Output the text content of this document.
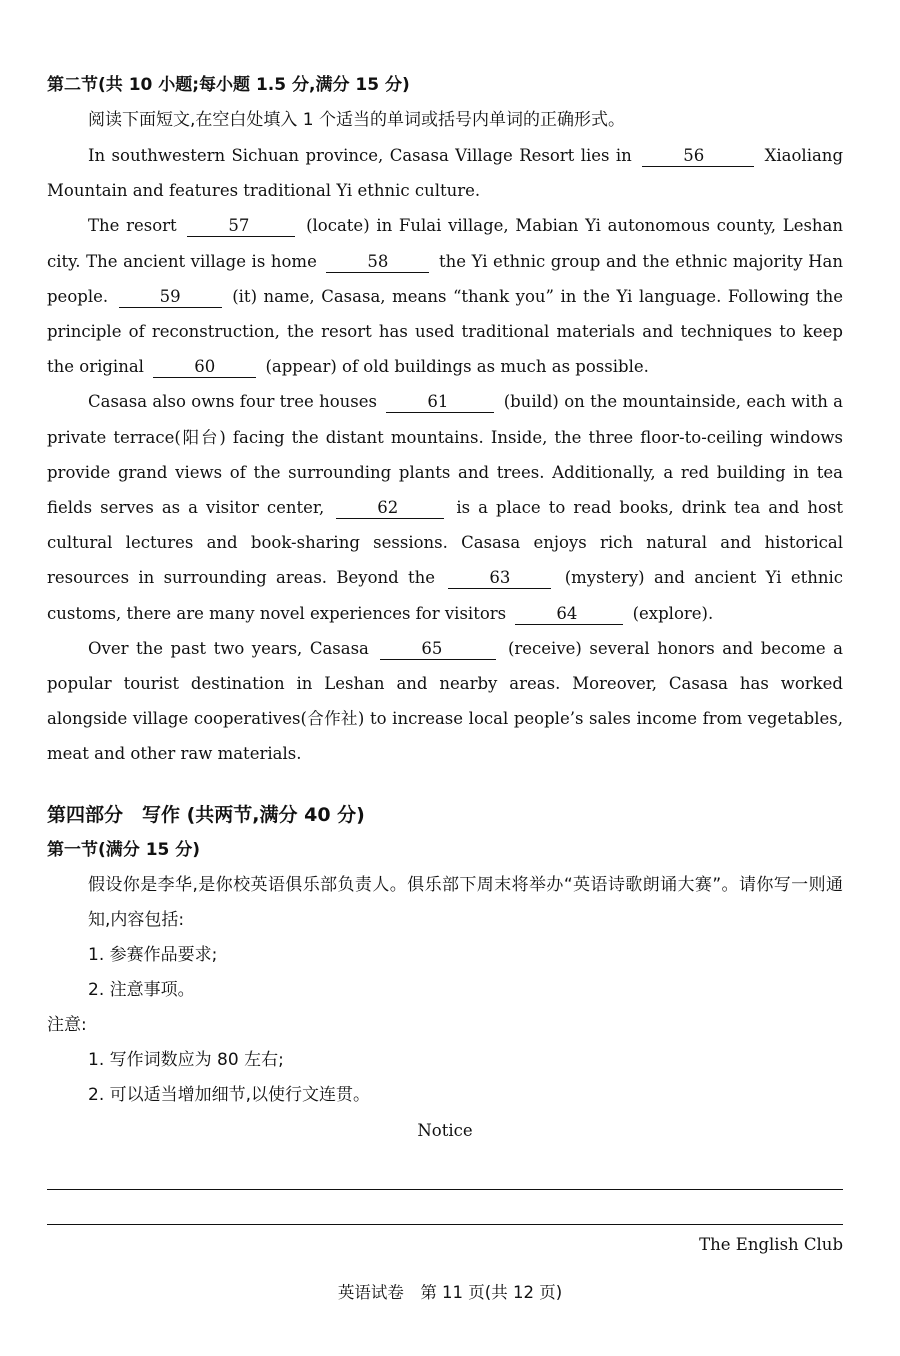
第二节(共 10 小题;每小题 1.5 分,满分 15 分)
阅读下面短文,在空白处填入 1 个适当的单词或括号内单词的正确形式。
In southwestern Sichuan province, Casasa Village Resort lies in	56	Xiaoliang Mountain and features traditional Yi ethnic culture.
The resort	57	(locate) in Fulai village, Mabian Yi autonomous county, Leshan city. The ancient village is home	58	the Yi ethnic group and the ethnic majority Han people.	59	(it) name, Casasa, means “thank you” in the Yi language. Following the principle of reconstruction, the resort has used traditional materials and techniques to keep the original	60	(appear) of old buildings as much as possible.
Casasa also owns four tree houses	61	(build) on the mountainside, each with a private terrace(阳台) facing the distant mountains. Inside, the three floor-to-ceiling windows provide grand views of the surrounding plants and trees. Additionally, a red building in tea fields serves as a visitor center,	62	is a place to read books, drink tea and host cultural lectures and book-sharing sessions. Casasa enjoys rich natural and historical resources in surrounding areas. Beyond the	63	(mystery) and ancient Yi ethnic customs, there are many novel experiences for visitors	64	(explore).
Over the past two years, Casasa	65	(receive) several honors and become a popular tourist destination in Leshan and nearby areas. Moreover, Casasa has worked alongside village cooperatives(合作社) to increase local people’s sales income from vegetables, meat and other raw materials.
第四部分　写作 (共两节,满分 40 分)
第一节(满分 15 分)
假设你是李华,是你校英语俱乐部负责人。俱乐部下周末将举办“英语诗歌朗诵大赛”。请你写一则通知,内容包括:
1. 参赛作品要求;
2. 注意事项。
注意:
1. 写作词数应为 80 左右;
2. 可以适当增加细节,以使行文连贯。
Notice
The English Club
英语试卷　第 11 页(共 12 页)
